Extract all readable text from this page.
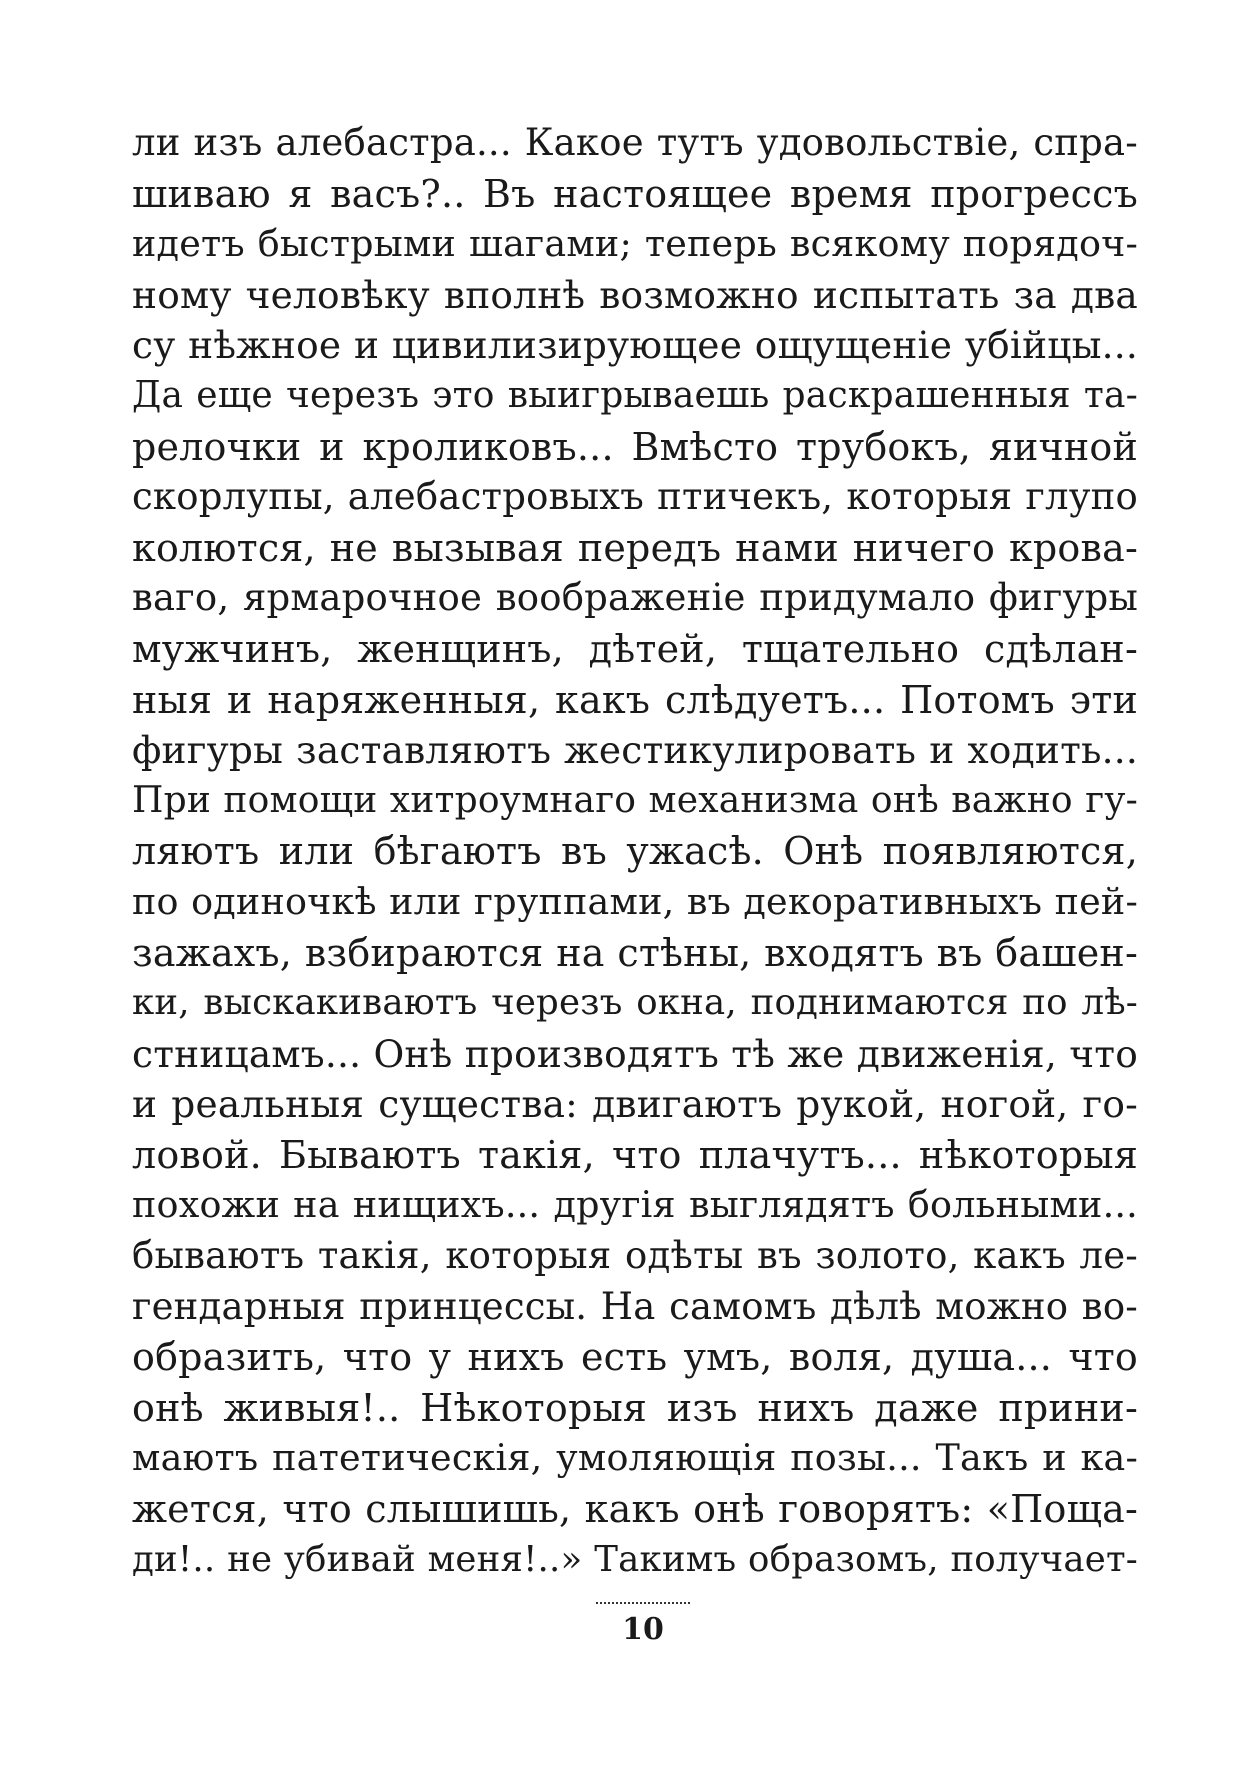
ли изъ алебастра... Какое тутъ удовольствіе, спра-
шиваю я васъ?.. Въ настоящее время прогрессъ
идетъ быстрыми шагами; теперь всякому порядоч-
ному человѣку вполнѣ возможно испытать за два
су нѣжное и цивилизирующее ощущеніе убійцы...
Да еще черезъ это выигрываешь раскрашенныя та-
релочки и кроликовъ... Вмѣсто трубокъ, яичной
скорлупы, алебастровыхъ птичекъ, которыя глупо
колются, не вызывая передъ нами ничего крова-
ваго, ярмарочное воображеніе придумало фигуры
мужчинъ, женщинъ, дѣтей, тщательно сдѣлан-
ныя и наряженныя, какъ слѣдуетъ... Потомъ эти
фигуры заставляютъ жестикулировать и ходить...
При помощи хитроумнаго механизма онѣ важно гу-
ляютъ или бѣгаютъ въ ужасѣ. Онѣ появляются,
по одиночкѣ или группами, въ декоративныхъ пей-
зажахъ, взбираются на стѣны, входятъ въ башен-
ки, выскакиваютъ черезъ окна, поднимаются по лѣ-
стницамъ... Онѣ производятъ тѣ же движенія, что
и реальныя существа: двигаютъ рукой, ногой, го-
ловой. Бываютъ такія, что плачутъ... нѣкоторыя
похожи на нищихъ... другія выглядятъ больными...
бываютъ такія, которыя одѣты въ золото, какъ ле-
гендарныя принцессы. На самомъ дѣлѣ можно во-
образить, что у нихъ есть умъ, воля, душа... что
онѣ живыя!.. Нѣкоторыя изъ нихъ даже прини-
маютъ патетическія, умоляющія позы... Такъ и ка-
жется, что слышишь, какъ онѣ говорятъ: «Поща-
ди!.. не убивай меня!..» Такимъ образомъ, получает-
10
